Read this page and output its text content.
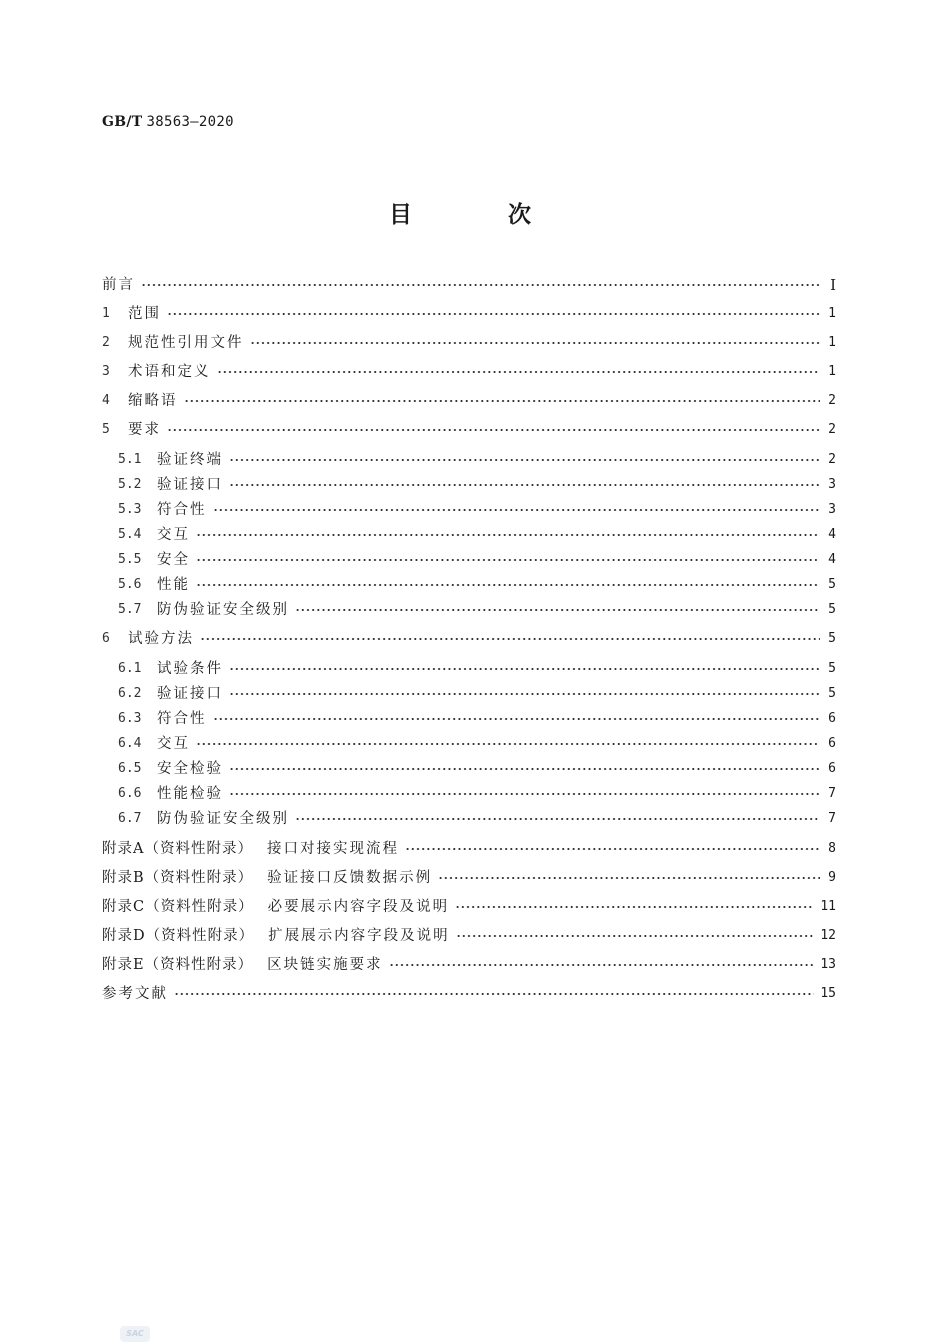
GB/T 38563—2020
目 次
前言	I
1	范围	1
2	规范性引用文件	1
3	术语和定义	1
4	缩略语	2
5	要求	2
5.1	验证终端	2
5.2	验证接口	3
5.3	符合性	3
5.4	交互	4
5.5	安全	4
5.6	性能	5
5.7	防伪验证安全级别	5
6	试验方法	5
6.1	试验条件	5
6.2	验证接口	5
6.3	符合性	6
6.4	交互	6
6.5	安全检验	6
6.6	性能检验	7
6.7	防伪验证安全级别	7
附录A（资料性附录） 接口对接实现流程	8
附录B（资料性附录） 验证接口反馈数据示例	9
附录C（资料性附录） 必要展示内容字段及说明	11
附录D（资料性附录） 扩展展示内容字段及说明	12
附录E（资料性附录） 区块链实施要求	13
参考文献	15
SAC
